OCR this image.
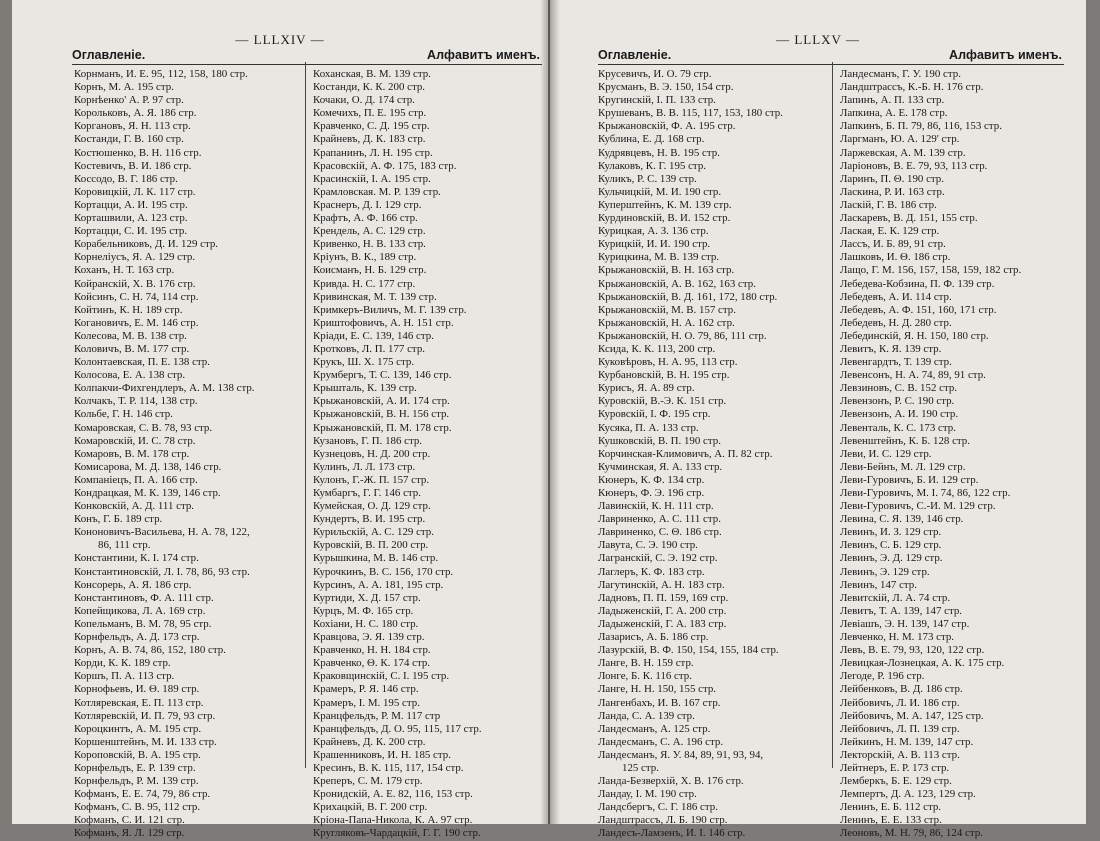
— LLLXIV —
Оглавленіе.	Алфавитъ именъ.
Корнманъ, И. Е. 95, 112, 158, 180 стр.
Корнъ, М. А. 195 стр.
Корнѣенко' А. Р. 97 стр.
Корольковъ, А. Я. 186 стр.
Коргановъ, Я. Н. 113 стр.
Костанди, Г. В. 160 стр.
Костюшенко, В. Н. 116 стр.
Костевичъ, В. И. 186 стр.
Коссодо, В. Г. 186 стр.
Коровицкій, Л. К. 117 стр.
Кортацци, А. И. 195 стр.
Корташвили, А. 123 стр.
Кортацци, С. И. 195 стр.
Корабельниковъ, Д. И. 129 стр.
Корнеліусъ, Я. А. 129 стр.
Коханъ, Н. Т. 163 стр.
Койранскій, Х. В. 176 стр.
Койсинъ, С. Н. 74, 114 стр.
Койтинъ, К. Н. 189 стр.
Когановичъ, Е. М. 146 стр.
Колесова, М. В. 138 стр.
Коловичъ, В. М. 177 стр.
Колонтаевская, П. Е. 138 стр.
Колосова, Е. А. 138 стр.
Колпакчи-Фихгендлеръ, А. М. 138 стр.
Колчакъ, Т. Р. 114, 138 стр.
Кольбе, Г. Н. 146 стр.
Комаровская, С. В. 78, 93 стр.
Комаровскій, И. С. 78 стр.
Комаровъ, В. М. 178 стр.
Комисарова, М. Д. 138, 146 стр.
Компаніецъ, П. А. 166 стр.
Кондрацкая, М. К. 139, 146 стр.
Конковскій, А. Д. 111 стр.
Конъ, Г. Б. 189 стр.
Кононовичъ-Васильева, Н. А. 78, 122,
86, 111 стр.
Константини, К. І. 174 стр.
Константиновскій, Л. І. 78, 86, 93 стр.
Консорерь, А. Я. 186 стр.
Константиновъ, Ф. А. 111 стр.
Копейщикова, Л. А. 169 стр.
Копельманъ, В. М. 78, 95 стр.
Корнфельдъ, А. Д. 173 стр.
Корнъ, А. В. 74, 86, 152, 180 стр.
Корди, К. К. 189 стр.
Коршъ, П. А. 113 стр.
Корнофьевъ, И. Θ. 189 стр.
Котляревская, Е. П. 113 стр.
Котляревскій, И. П. 79, 93 стр.
Короцкинтъ, А. М. 195 стр.
Коршенштейнъ, М. И. 133 стр.
Короповскій, В. А. 195 стр.
Корнфельдъ, Е. Р. 139 стр.
Корнфельдъ, Р. М. 139 стр.
Кофманъ, Е. Е. 74, 79, 86 стр.
Кофманъ, С. В. 95, 112 стр.
Кофманъ, С. И. 121 стр.
Кофманъ, Я. Л. 129 стр.
Коханская, В. М. 139 стр.
Костанди, К. К. 200 стр.
Кочаки, О. Д. 174 стр.
Комечихъ, П. Е. 195 стр.
Кравченко, С. Д. 195 стр.
Крайневъ, Д. К. 183 стр.
Крапанинъ, Л. Н. 195 стр.
Красовскій, А. Ф. 175, 183 стр.
Красинскій, І. А. 195 стр.
Крамловская. М. Р. 139 стр.
Краснеръ, Д. І. 129 стр.
Крафтъ, А. Ф. 166 стр.
Крендель, А. С. 129 стр.
Кривенко, Н. В. 133 стр.
Кріунъ, В. К., 189 стр.
Коисманъ, Н. Б. 129 стр.
Кривда. Н. С. 177 стр.
Кривинская, М. Т. 139 стр.
Кримкеръ-Виличъ, М. Г. 139 стр.
Криштофовичъ, А. Н. 151 стр.
Кріади, Е. С. 139, 146 стр.
Кротковъ, Л. П. 177 стр.
Крукъ, Ш. Х. 175 стр.
Крумбергъ, Т. С. 139, 146 стр.
Крышталь, К. 139 стр.
Крыжановскій, А. И. 174 стр.
Крыжановскій, В. Н. 156 стр.
Крыжановскій, П. М. 178 стр.
Кузановъ, Г. П. 186 стр.
Кузнецовъ, Н. Д. 200 стр.
Кулинъ, Л. Л. 173 стр.
Кулонъ, Г.-Ж. П. 157 стр.
Кумбаргъ, Г. Г. 146 стр.
Кумейская, О. Д. 129 стр.
Кундертъ, В. И. 195 стр.
Курильскій, А. С. 129 стр.
Куровскій, В. П. 200 стр.
Курышкина, М. В. 146 стр.
Курочкинъ, В. С. 156, 170 стр.
Курсинъ, А. А. 181, 195 стр.
Куртиди, Х. Д. 157 стр.
Курцъ, М. Ф. 165 стр.
Кохіани, Н. С. 180 стр.
Кравцова, Э. Я. 139 стр.
Кравченко, Н. Н. 184 стр.
Кравченко, Θ. К. 174 стр.
Краковщинскій, С. І. 195 стр.
Крамеръ, Р. Я. 146 стр.
Крамеръ, І. М. 195 стр.
Кранцфельдъ, Р. М. 117 стр
Кранцфельдъ, Д. О. 95, 115, 117 стр.
Крайневъ, Д. К. 200 стр.
Крашенниковъ, И. Н. 185 стр.
Кресинъ, В. К. 115, 117, 154 стр.
Креперъ, С. М. 179 стр.
Кронидскій, А. Е. 82, 116, 153 стр.
Крихацкій, В. Г. 200 стр.
Кріона-Папа-Никола, К. А. 97 стр.
Кругляковъ-Чардацкій, Г. Г. 190 стр.
— LLLXV —
Оглавленіе.	Алфавитъ именъ.
Крусевичъ, И. О. 79 стр.
Крусманъ, В. Э. 150, 154 стр.
Кругинскій, І. П. 133 стр.
Крушеванъ, В. В. 115, 117, 153, 180 стр.
Крыжановскій, Ф. А. 195 стр.
Кублина, Е. Д. 168 стр.
Кудрявцевъ, Н. В. 195 стр.
Кулаковъ, К. Г. 195 стр.
Куликъ, Р. С. 139 стр.
Кульчицкій, М. И. 190 стр.
Куперштейнъ, К. М. 139 стр.
Курдиновскій, В. И. 152 стр.
Курицкая, А. З. 136 стр.
Курицкій, И. И. 190 стр.
Курицкина, М. В. 139 стр.
Крыжановскій, В. Н. 163 стр.
Крыжановскій, А. В. 162, 163 стр.
Крыжановскій, В. Д. 161, 172, 180 стр.
Крыжановскій, М. В. 157 стр.
Крыжановскій, Н. А. 162 стр.
Крыжановскій, Н. О. 79, 86, 111 стр.
Ксида, К. К. 113, 200 стр.
Куковѣровъ, Н. А. 95, 113 стр.
Курбановскій, В. Н. 195 стр.
Курисъ, Я. А. 89 стр.
Куровскій, В.-Э. К. 151 стр.
Куровскій, І. Ф. 195 стр.
Кусяка, П. А. 133 стр.
Кушковскій, В. П. 190 стр.
Корчинская-Климовичъ, А. П. 82 стр.
Кучминская, Я. А. 133 стр.
Кюнеръ, К. Ф. 134 стр.
Кюнеръ, Ф. Э. 196 стр.
Лавинскій, К. Н. 111 стр.
Лавриненко, А. С. 111 стр.
Лавриненко, С. Θ. 186 стр.
Лавута, С. Э. 190 стр.
Лагранскій, С. Э. 192 стр.
Лаглеръ, К. Ф. 183 стр.
Лагутинскій, А. Н. 183 стр.
Ладновъ, П. П. 159, 169 стр.
Ладыженскій, Г. А. 200 стр.
Ладыженскій, Г. А. 183 стр.
Лазарисъ, А. Б. 186 стр.
Лазурскій, В. Ф. 150, 154, 155, 184 стр.
Ланге, В. Н. 159 стр.
Лонге, Б. К. 116 стр.
Ланге, Н. Н. 150, 155 стр.
Лангенбахъ, И. В. 167 стр.
Ланда, С. А. 139 стр.
Ландесманъ, А. 125 стр.
Ландесманъ, С. А. 196 стр.
Ландесманъ, Я. У. 84, 89, 91, 93, 94,
125 стр.
Ланда-Безверхій, Х. В. 176 стр.
Ландау, І. М. 190 стр.
Ландсбергъ, С. Г. 186 стр.
Ландштрассъ, Л. Б. 190 стр.
Ландесъ-Ламзенъ, И. І. 146 стр.
Ландесманъ, Г. У. 190 стр.
Ландштрассъ, К.-Б. Н. 176 стр.
Лапинъ, А. П. 133 стр.
Лапкина, А. Е. 178 стр.
Лапкинъ, Б. П. 79, 86, 116, 153 стр.
Ларгманъ, Ю. А. 129' стр.
Ларжевская, А. М. 139 стр.
Ларіоновъ, В. Е. 79, 93, 113 стр.
Ларинъ, П. Θ. 190 стр.
Ласкина, Р. И. 163 стр.
Ласкій, Г. В. 186 стр.
Ласкаревъ, В. Д. 151, 155 стр.
Лаская, Е. К. 129 стр.
Лассъ, И. Б. 89, 91 стр.
Лашковъ, И. Θ. 186 стр.
Лащо, Г. М. 156, 157, 158, 159, 182 стр.
Лебедева-Кобзина, П. Ф. 139 стр.
Лебедевъ, А. И. 114 стр.
Лебедевъ, А. Ф. 151, 160, 171 стр.
Лебедевъ, Н. Д. 280 стр.
Лебединскій, Я. Н. 150, 180 стр.
Левитъ, К. Я. 139 стр.
Левенгардтъ, Т. 139 стр.
Левенсонъ, Н. А. 74, 89, 91 стр.
Левзиновъ, С. В. 152 стр.
Левензонъ, Р. С. 190 стр.
Левензонъ, А. И. 190 стр.
Левенталь, К. С. 173 стр.
Левенштейнъ, К. Б. 128 стр.
Леви, И. С. 129 стр.
Леви-Бейнъ, М. Л. 129 стр.
Леви-Гуровичъ, Б. И. 129 стр.
Леви-Гуровичъ, М. І. 74, 86, 122 стр.
Леви-Гуровичъ, С.-И. М. 129 стр.
Левина, С. Я. 139, 146 стр.
Левинъ, И. З. 129 стр.
Левинъ, С. Б. 129 стр.
Левинъ, Э. Д. 129 стр.
Левинъ, Э. 129 стр.
Левинъ, 147 стр.
Левитскій, Л. А. 74 стр.
Левитъ, Т. А. 139, 147 стр.
Левіашъ, Э. Н. 139, 147 стр.
Левченко, Н. М. 173 стр.
Левъ, В. Е. 79, 93, 120, 122 стр.
Левицкая-Лознецкая, А. К. 175 стр.
Легоде, Р. 196 стр.
Лейбенковъ, В. Д. 186 стр.
Лейбовичъ, Л. И. 186 стр.
Лейбовичъ, М. А. 147, 125 стр.
Лейбовичъ, Л. П. 139 стр.
Лейкинъ, Н. М. 139, 147 стр.
Лекторскій, А. В. 113 стр.
Лейтнеръ, Е. Р. 173 стр.
Лемберкъ, Б. Е. 129 стр.
Лемпертъ, Д. А. 123, 129 стр.
Ленинъ, Е. Б. 112 стр.
Ленинъ, Е. Е. 133 стр.
Леоновъ, М. Н. 79, 86, 124 стр.
